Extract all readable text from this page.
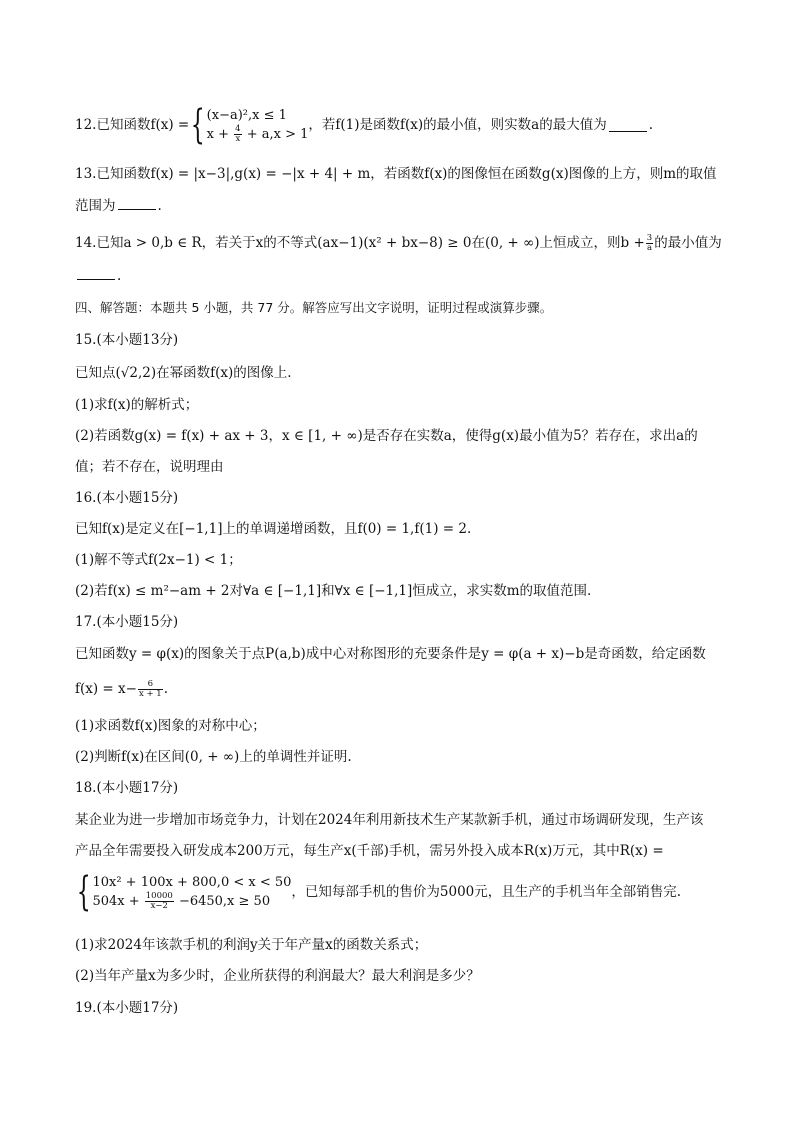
12.已知函数f(x) = { (x−a)²,x ≤ 1
$x + \frac{4}{x} + a,x > 1$
，若f(1)是函数f(x)的最小值，则实数a的最大值为	.
13.已知函数f(x) = |x−3|,g(x) = −|x + 4| + m，若函数f(x)的图像恒在函数g(x)图像的上方，则m的取值
范围为	.
14.已知a > 0,b ∈ R，若关于x的不等式(ax−1)(x² + bx−8) ≥ 0在(0, + ∞)上恒成立，则$b + \frac{3}{a}$ 的最小值为
.
四、解答题：本题共 5 小题，共 77 分。解答应写出文字说明，证明过程或演算步骤。
15.(本小题13分)
已知点(√2,2)在幂函数f(x)的图像上.
(1)求f(x)的解析式；
(2)若函数g(x) = f(x) + ax + 3，x ∈ [1, + ∞)是否存在实数a，使得g(x)最小值为5？若存在，求出a的
值；若不存在，说明理由
16.(本小题15分)
已知f(x)是定义在[−1,1]上的单调递增函数，且f(0) = 1,f(1) = 2.
(1)解不等式f(2x−1) < 1；
(2)若f(x) ≤ m²−am + 2对∀a ∈ [−1,1]和∀x ∈ [−1,1]恒成立，求实数m的取值范围.
17.(本小题15分)
已知函数y = φ(x)的图象关于点P(a,b)成中心对称图形的充要条件是y = φ(a + x)−b是奇函数，给定函数
$f(x) = x- \frac{6}{x + 1}$ .
(1)求函数f(x)图象的对称中心；
(2)判断f(x)在区间(0, + ∞)上的单调性并证明.
18.(本小题17分)
某企业为进一步增加市场竞争力，计划在2024年利用新技术生产某款新手机，通过市场调研发现，生产该
产品全年需要投入研发成本200万元，每生产x(千部)手机，需另外投入成本R(x)万元，其中R(x) =
{ 10x² + 100x + 800,0 < x < 50
$504x + \frac{10000}{x-2} -6450,x \ge 50$
，已知每部手机的售价为5000元，且生产的手机当年全部销售完.
(1)求2024年该款手机的利润y关于年产量x的函数关系式；
(2)当年产量x为多少时，企业所获得的利润最大？最大利润是多少？
19.(本小题17分)
